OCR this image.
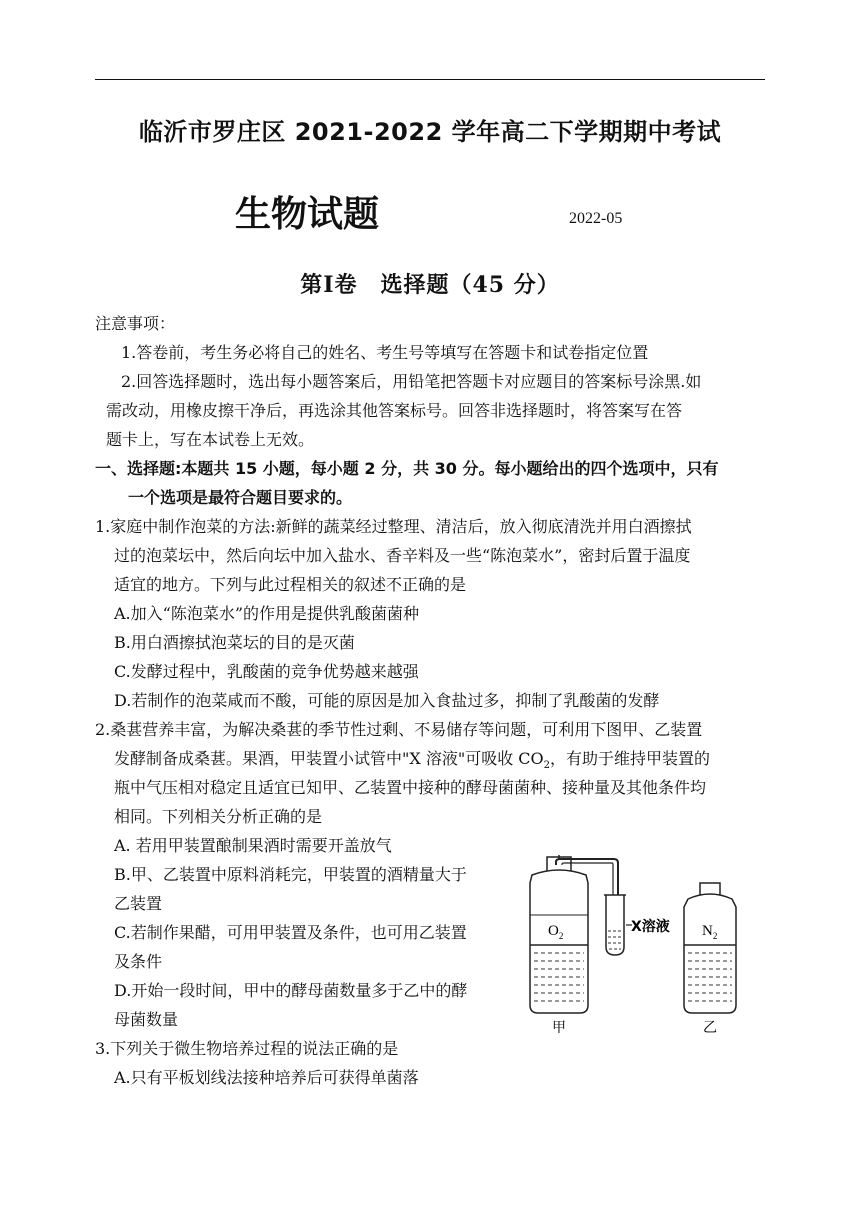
临沂市罗庄区 2021-2022 学年高二下学期期中考试
生物试题	2022-05
第Ⅰ卷　选择题（45 分）
注意事项：
1.答卷前，考生务必将自己的姓名、考生号等填写在答题卡和试卷指定位置
2.回答选择题时，选出每小题答案后，用铅笔把答题卡对应题目的答案标号涂黑.如
需改动，用橡皮擦干净后，再选涂其他答案标号。回答非选择题时，将答案写在答
题卡上，写在本试卷上无效。
一、选择题:本题共 15 小题，每小题 2 分，共 30 分。每小题给出的四个选项中，只有
一个选项是最符合题目要求的。
1.家庭中制作泡菜的方法:新鲜的蔬菜经过整理、清洁后，放入彻底清洗并用白酒擦拭
过的泡菜坛中，然后向坛中加入盐水、香辛料及一些“陈泡菜水”，密封后置于温度
适宜的地方。下列与此过程相关的叙述不正确的是
A.加入“陈泡菜水”的作用是提供乳酸菌菌种
B.用白酒擦拭泡菜坛的目的是灭菌
C.发酵过程中，乳酸菌的竞争优势越来越强
D.若制作的泡菜咸而不酸，可能的原因是加入食盐过多，抑制了乳酸菌的发酵
2.桑葚营养丰富，为解决桑葚的季节性过剩、不易储存等问题，可利用下图甲、乙装置
发酵制备成桑葚。果酒，甲装置小试管中"X 溶液"可吸收 $CO_2$，有助于维持甲装置的
瓶中气压相对稳定且适宜已知甲、乙装置中接种的酵母菌菌种、接种量及其他条件均
相同。下列相关分析正确的是
A. 若用甲装置酿制果酒时需要开盖放气
B.甲、乙装置中原料消耗完，甲装置的酒精量大于
乙装置
C.若制作果醋，可用甲装置及条件，也可用乙装置
及条件
D.开始一段时间，甲中的酵母菌数量多于乙中的酵
母菌数量
3.下列关于微生物培养过程的说法正确的是
A.只有平板划线法接种培养后可获得单菌落
$O_2$	$N_2$
X溶液
甲	乙
